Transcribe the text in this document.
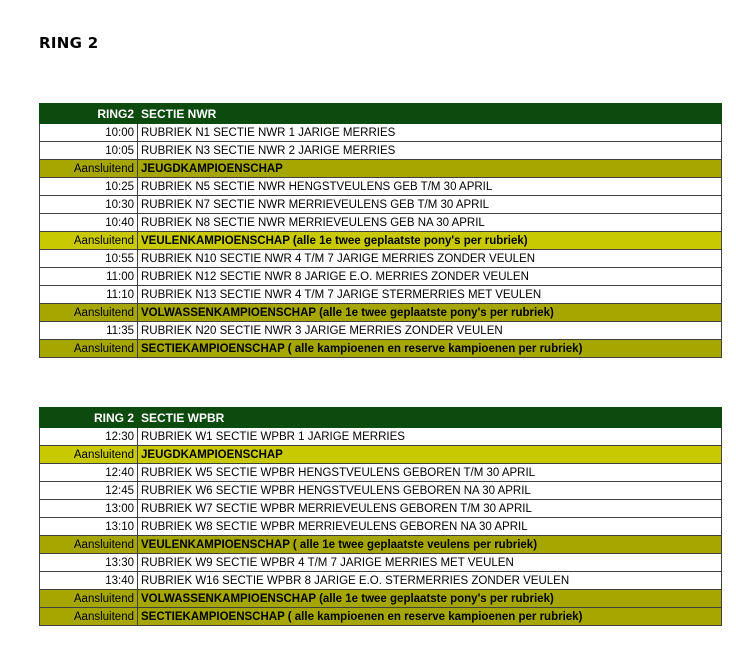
RING 2
RING2	SECTIE NWR
10:00	RUBRIEK N1 SECTIE NWR 1 JARIGE MERRIES
10:05	RUBRIEK N3 SECTIE NWR 2 JARIGE MERRIES
Aansluitend	JEUGDKAMPIOENSCHAP
10:25	RUBRIEK N5 SECTIE NWR HENGSTVEULENS GEB T/M 30 APRIL
10:30	RUBRIEK N7 SECTIE NWR MERRIEVEULENS GEB T/M 30 APRIL
10:40	RUBRIEK N8 SECTIE NWR MERRIEVEULENS GEB NA 30 APRIL
Aansluitend	VEULENKAMPIOENSCHAP (alle 1e twee geplaatste pony's per rubriek)
10:55	RUBRIEK N10 SECTIE NWR 4 T/M 7 JARIGE MERRIES ZONDER VEULEN
11:00	RUBRIEK N12 SECTIE NWR 8 JARIGE E.O. MERRIES ZONDER VEULEN
11:10	RUBRIEK N13 SECTIE NWR 4 T/M 7 JARIGE STERMERRIES MET VEULEN
Aansluitend	VOLWASSENKAMPIOENSCHAP (alle 1e twee geplaatste pony's per rubriek)
11:35	RUBRIEK N20 SECTIE NWR 3 JARIGE MERRIES ZONDER VEULEN
Aansluitend	SECTIEKAMPIOENSCHAP ( alle kampioenen en reserve kampioenen per rubriek)
RING 2	SECTIE WPBR
12:30	RUBRIEK W1 SECTIE WPBR 1 JARIGE MERRIES
Aansluitend	JEUGDKAMPIOENSCHAP
12:40	RUBRIEK W5 SECTIE WPBR HENGSTVEULENS GEBOREN T/M 30 APRIL
12:45	RUBRIEK W6 SECTIE WPBR HENGSTVEULENS GEBOREN NA 30 APRIL
13:00	RUBRIEK W7 SECTIE WPBR MERRIEVEULENS GEBOREN T/M 30 APRIL
13:10	RUBRIEK W8 SECTIE WPBR MERRIEVEULENS GEBOREN NA 30 APRIL
Aansluitend	VEULENKAMPIOENSCHAP ( alle 1e twee geplaatste veulens per rubriek)
13:30	RUBRIEK W9 SECTIE WPBR 4 T/M 7 JARIGE MERRIES MET VEULEN
13:40	RUBRIEK W16 SECTIE WPBR 8 JARIGE E.O. STERMERRIES ZONDER VEULEN
Aansluitend	VOLWASSENKAMPIOENSCHAP (alle 1e twee geplaatste pony's per rubriek)
Aansluitend	SECTIEKAMPIOENSCHAP ( alle kampioenen en reserve kampioenen per rubriek)
